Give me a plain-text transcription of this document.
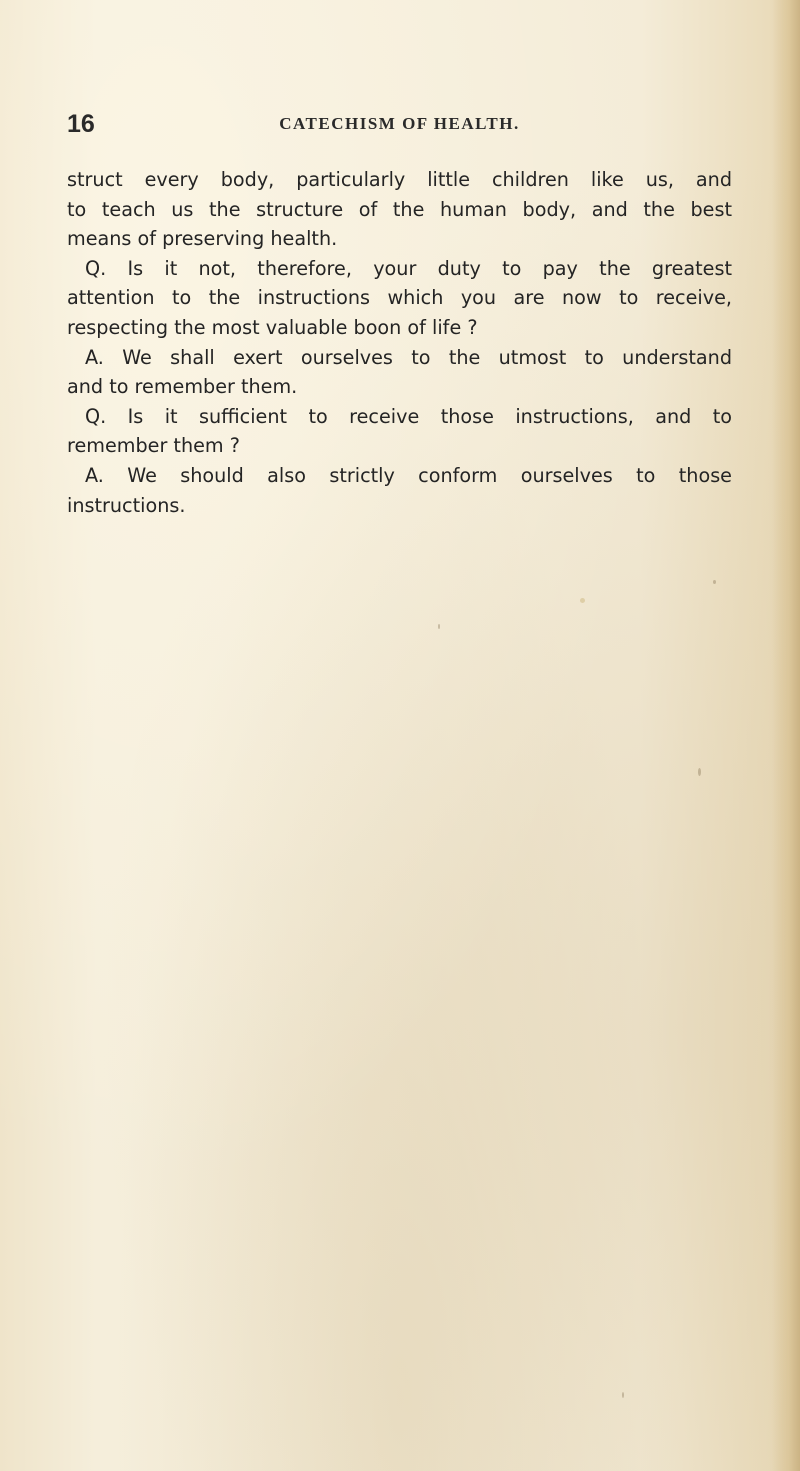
16	CATECHISM OF HEALTH.
struct every body, particularly little children like us, and
to teach us the structure of the human body, and the best
means of preserving health.
Q. Is it not, therefore, your duty to pay the greatest
attention to the instructions which you are now to receive,
respecting the most valuable boon of life ?
A. We shall exert ourselves to the utmost to understand
and to remember them.
Q. Is it sufficient to receive those instructions, and to
remember them ?
A. We should also strictly conform ourselves to those
instructions.
